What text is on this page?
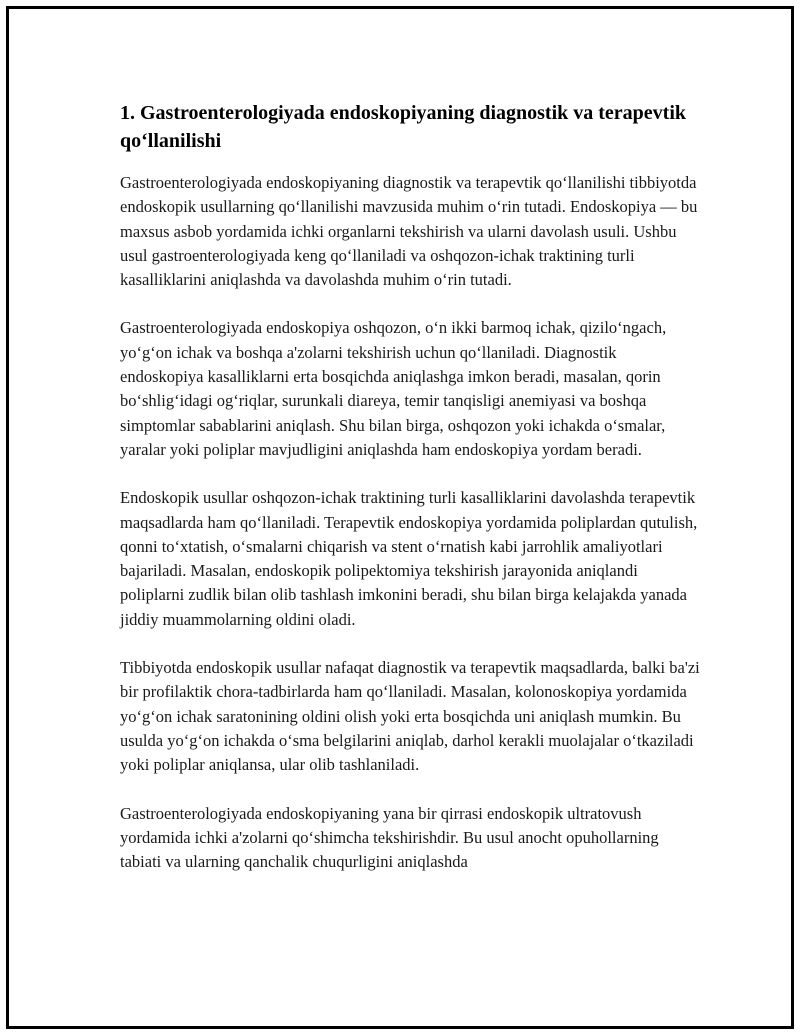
1. Gastroenterologiyada endoskopiyaning diagnostik va terapevtik qo‘llanilishi

Gastroenterologiyada endoskopiyaning diagnostik va terapevtik qo‘llanilishi tibbiyotda endoskopik usullarning qo‘llanilishi mavzusida muhim o‘rin tutadi. Endoskopiya — bu maxsus asbob yordamida ichki organlarni tekshirish va ularni davolash usuli. Ushbu usul gastroenterologiyada keng qo‘llaniladi va oshqozon-ichak traktining turli kasalliklarini aniqlashda va davolashda muhim o‘rin tutadi.

Gastroenterologiyada endoskopiya oshqozon, o‘n ikki barmoq ichak, qizilo‘ngach, yo‘g‘on ichak va boshqa a'zolarni tekshirish uchun qo‘llaniladi. Diagnostik endoskopiya kasalliklarni erta bosqichda aniqlashga imkon beradi, masalan, qorin bo‘shlig‘idagi og‘riqlar, surunkali diareya, temir tanqisligi anemiyasi va boshqa simptomlar sabablarini aniqlash. Shu bilan birga, oshqozon yoki ichakda o‘smalar, yaralar yoki poliplar mavjudligini aniqlashda ham endoskopiya yordam beradi.

Endoskopik usullar oshqozon-ichak traktining turli kasalliklarini davolashda terapevtik maqsadlarda ham qo‘llaniladi. Terapevtik endoskopiya yordamida poliplardan qutulish, qonni to‘xtatish, o‘smalarni chiqarish va stent o‘rnatish kabi jarrohlik amaliyotlari bajariladi. Masalan, endoskopik polipektomiya tekshirish jarayonida aniqlandi poliplarni zudlik bilan olib tashlash imkonini beradi, shu bilan birga kelajakda yanada jiddiy muammolarning oldini oladi.

Tibbiyotda endoskopik usullar nafaqat diagnostik va terapevtik maqsadlarda, balki ba'zi bir profilaktik chora-tadbirlarda ham qo‘llaniladi. Masalan, kolonoskopiya yordamida yo‘g‘on ichak saratonining oldini olish yoki erta bosqichda uni aniqlash mumkin. Bu usulda yo‘g‘on ichakda o‘sma belgilarini aniqlab, darhol kerakli muolajalar o‘tkaziladi yoki poliplar aniqlansa, ular olib tashlaniladi.

Gastroenterologiyada endoskopiyaning yana bir qirrasi endoskopik ultratovush yordamida ichki a'zolarni qo‘shimcha tekshirishdir. Bu usul anocht opuhollarning tabiati va ularning qanchalik chuqurligini aniqlashda
